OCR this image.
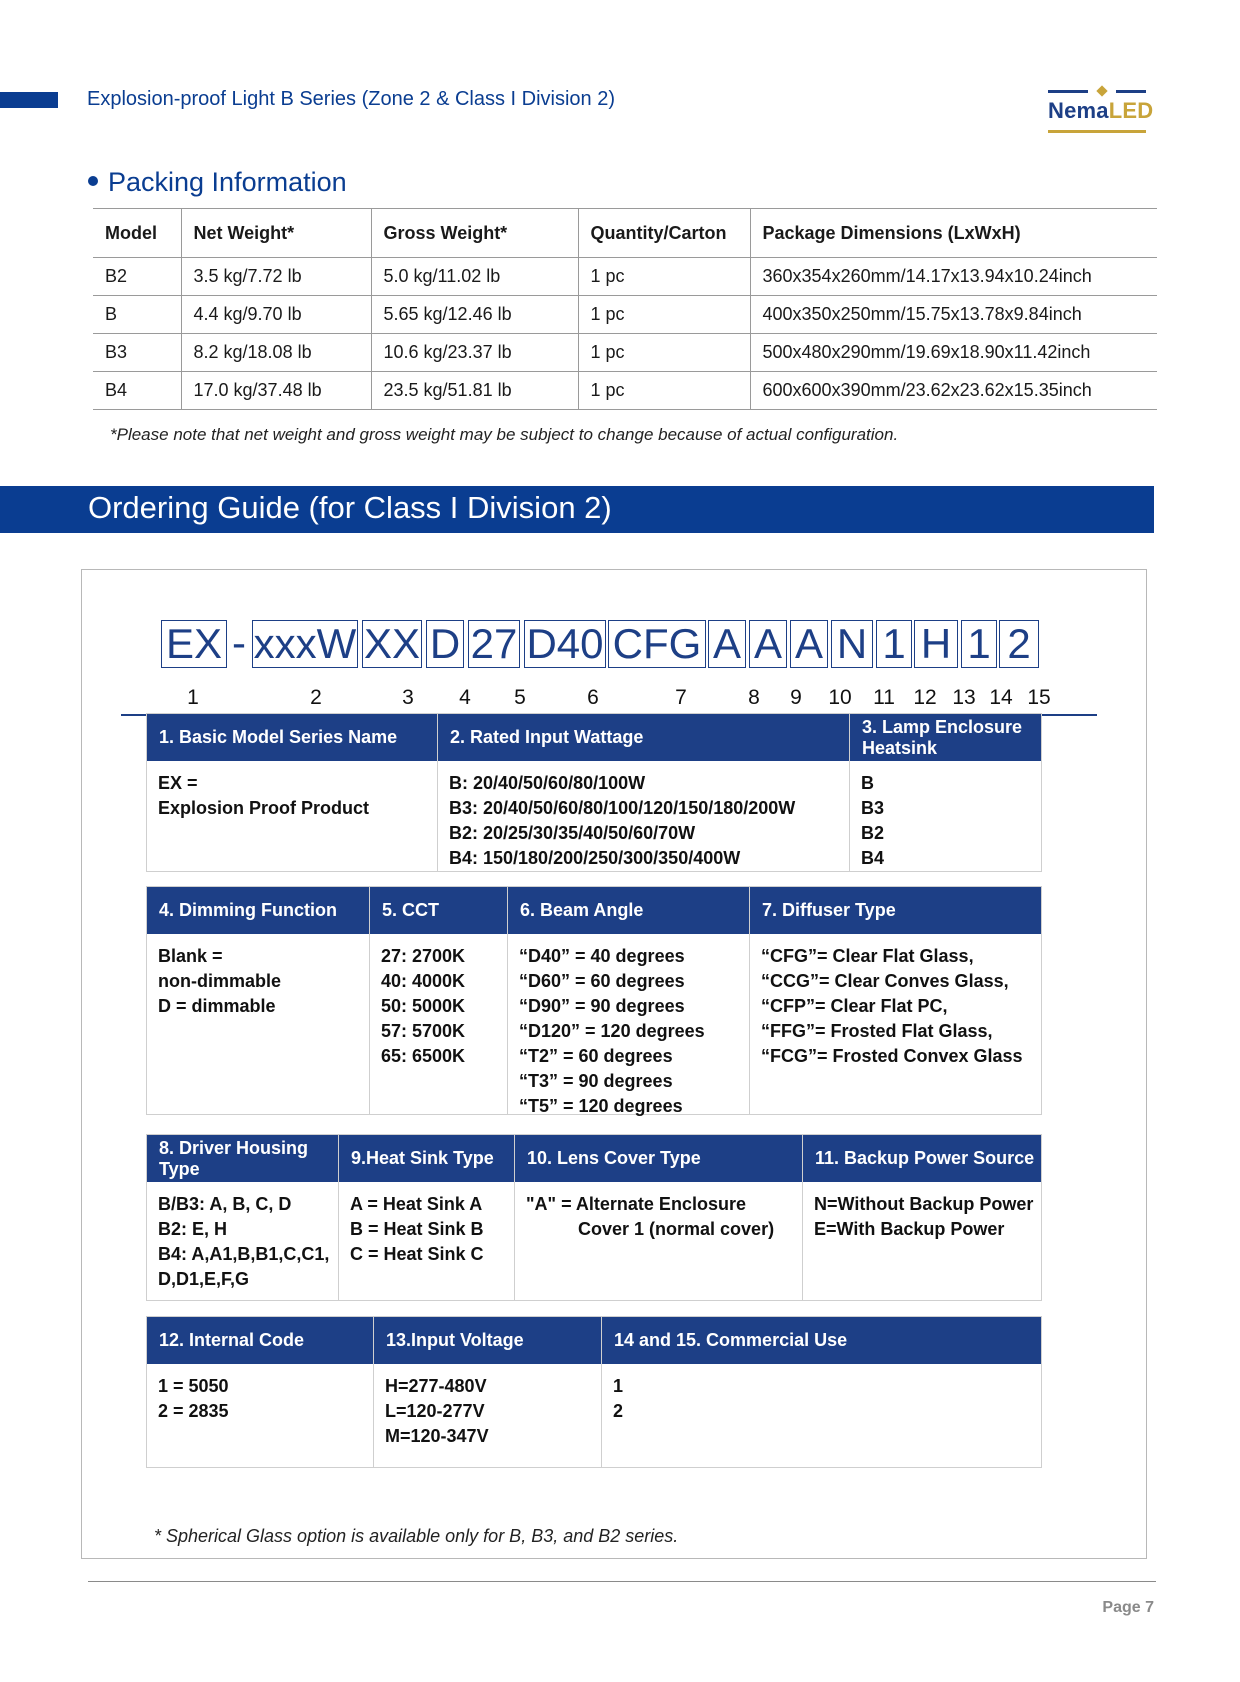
Explosion-proof Light B Series (Zone 2 & Class I Division 2)	NemaLED
Packing Information
Model	Net Weight*	Gross Weight*	Quantity/Carton	Package Dimensions (LxWxH)
B2	3.5 kg/7.72 lb	5.0 kg/11.02 lb	1 pc	360x354x260mm/14.17x13.94x10.24inch
B	4.4 kg/9.70 lb	5.65 kg/12.46 lb	1 pc	400x350x250mm/15.75x13.78x9.84inch
B3	8.2 kg/18.08 lb	10.6 kg/23.37 lb	1 pc	500x480x290mm/19.69x18.90x11.42inch
B4	17.0 kg/37.48 lb	23.5 kg/51.81 lb	1 pc	600x600x390mm/23.62x23.62x15.35inch
*Please note that net weight and gross weight may be subject to change because of actual configuration.
Ordering Guide (for Class I Division 2)
EX xxxW XX D 27 D40 CFG A A A N 1 H 1 2
-
1	2	3	4	5	6	7	8	9	10	11 12 13 14 15
1. Basic Model Series Name
EX =
Explosion Proof Product
2. Rated Input Wattage
B: 20/40/50/60/80/100W
B3: 20/40/50/60/80/100/120/150/180/200W
B2: 20/25/30/35/40/50/60/70W
B4: 150/180/200/250/300/350/400W
3. Lamp Enclosure Heatsink
B
B3
B2
B4
4. Dimming Function
Blank =
non-dimmable
D = dimmable
5. CCT
27: 2700K
40: 4000K
50: 5000K
57: 5700K
65: 6500K
6. Beam Angle
“D40” = 40 degrees
“D60” = 60 degrees
“D90” = 90 degrees
“D120” = 120 degrees
“T2” = 60 degrees
“T3” = 90 degrees
“T5” = 120 degrees
7. Diffuser Type
“CFG”= Clear Flat Glass,
“CCG”= Clear Conves Glass,
“CFP”= Clear Flat PC,
“FFG”= Frosted Flat Glass,
“FCG”= Frosted Convex Glass
8. Driver Housing Type
B/B3: A, B, C, D
B2: E, H
B4: A,A1,B,B1,C,C1,
D,D1,E,F,G
9.Heat Sink Type
A = Heat Sink A
B = Heat Sink B
C = Heat Sink C
10. Lens Cover Type
"A" = Alternate Enclosure
Cover 1 (normal cover)
11. Backup Power Source
N=Without Backup Power
E=With Backup Power
12. Internal Code
1 = 5050
2 = 2835
13.Input Voltage
H=277-480V
L=120-277V
M=120-347V
14 and 15. Commercial Use
1
2
* Spherical Glass option is available only for B, B3, and B2 series.
Page 7
